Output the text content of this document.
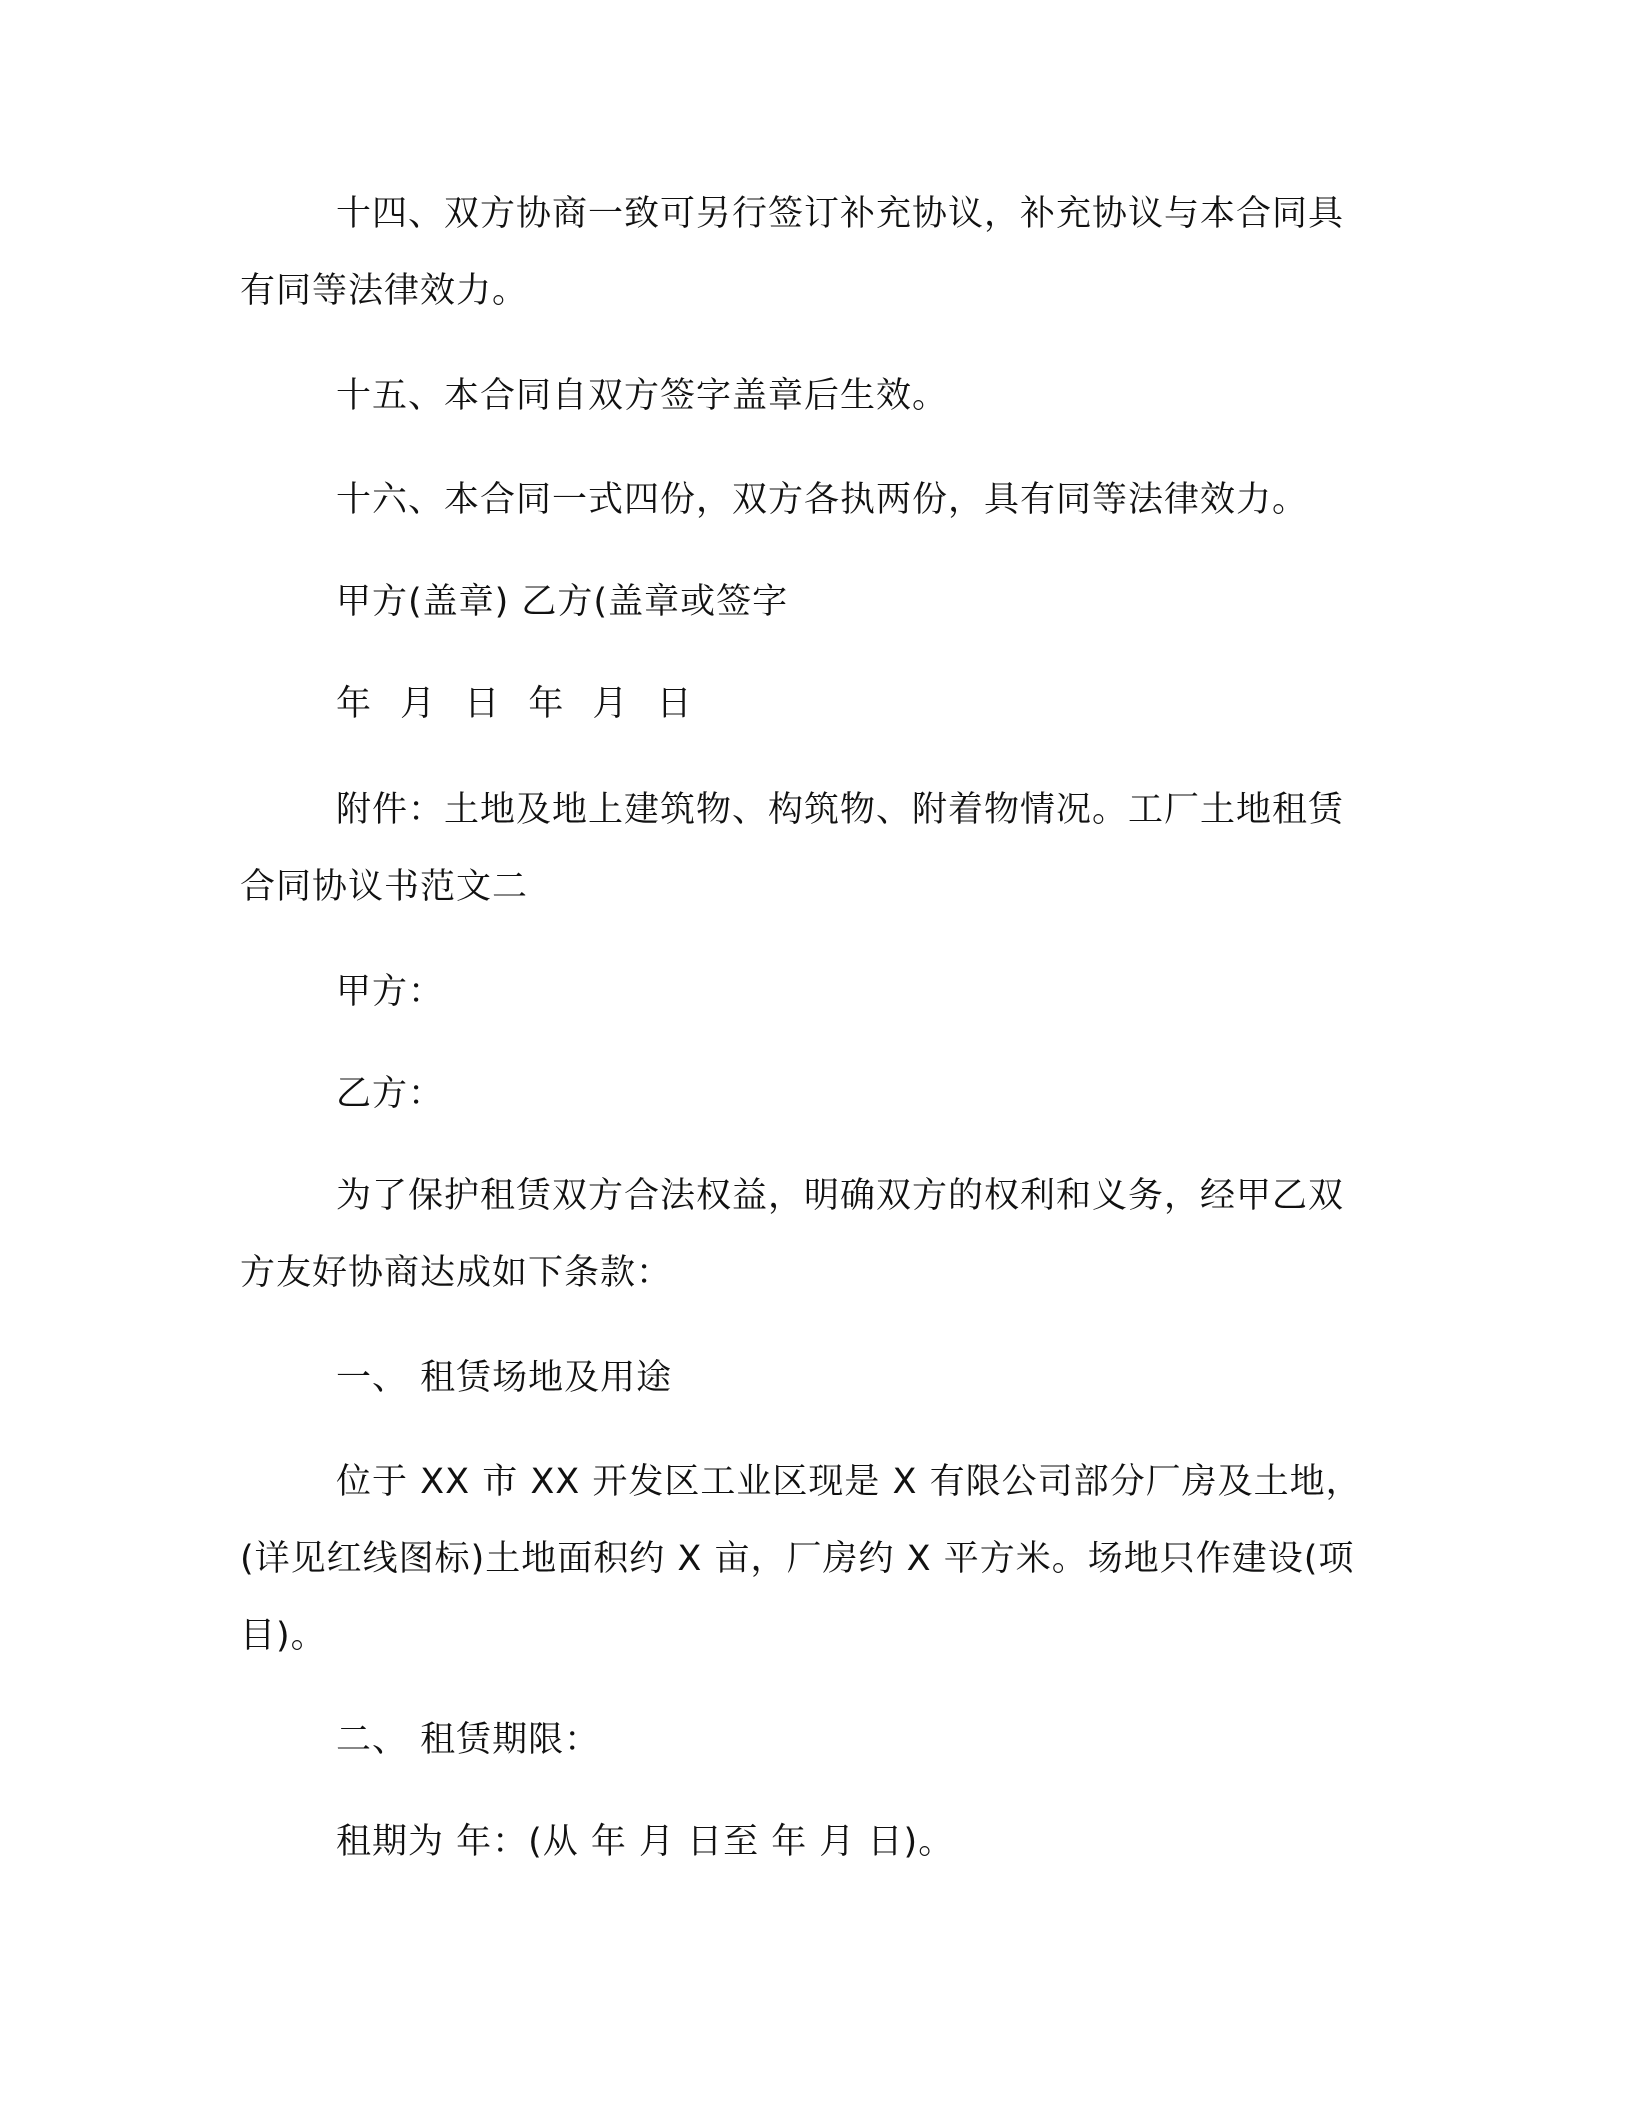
十四、双方协商一致可另行签订补充协议，补充协议与本合同具
有同等法律效力。

十五、本合同自双方签字盖章后生效。

十六、本合同一式四份，双方各执两份，具有同等法律效力。

甲方(盖章) 乙方(盖章或签字

年 月 日 年 月 日

附件：土地及地上建筑物、构筑物、附着物情况。工厂土地租赁
合同协议书范文二

甲方：

乙方：

为了保护租赁双方合法权益，明确双方的权利和义务，经甲乙双
方友好协商达成如下条款：

一、 租赁场地及用途

位于 XX 市 XX 开发区工业区现是 X 有限公司部分厂房及土地，
(详见红线图标)土地面积约 X 亩，厂房约 X 平方米。场地只作建设(项
目)。

二、 租赁期限：

租期为 年：(从 年 月 日至 年 月 日)。
